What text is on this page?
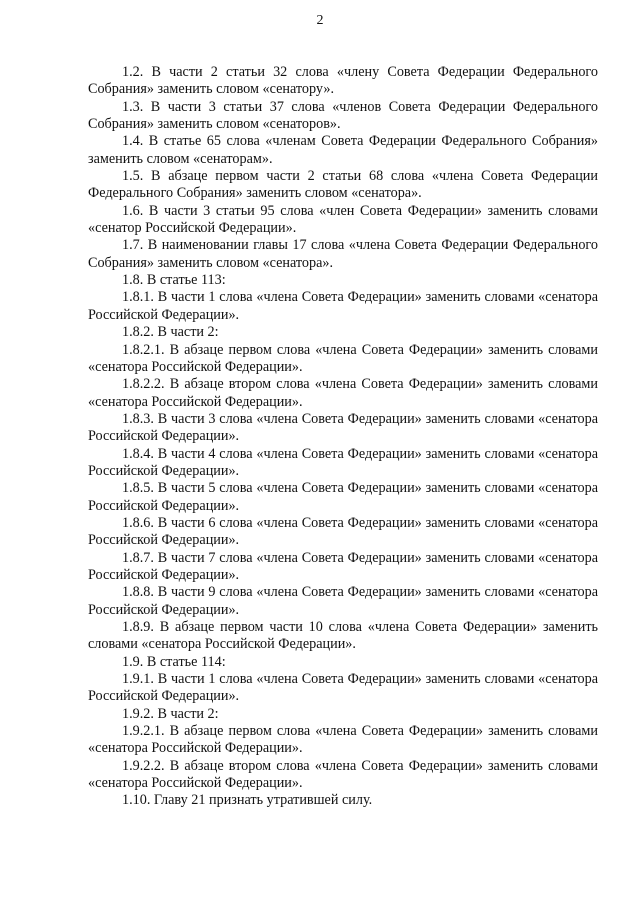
2

1.2. В части 2 статьи 32 слова «члену Совета Федерации Федерального Собрания» заменить словом «сенатору».

1.3. В части 3 статьи 37 слова «членов Совета Федерации Федерального Собрания» заменить словом «сенаторов».

1.4. В статье 65 слова «членам Совета Федерации Федерального Собрания» заменить словом «сенаторам».

1.5. В абзаце первом части 2 статьи 68 слова «члена Совета Федерации Федерального Собрания» заменить словом «сенатора».

1.6. В части 3 статьи 95 слова «член Совета Федерации» заменить словами «сенатор Российской Федерации».

1.7. В наименовании главы 17 слова «члена Совета Федерации Федерального Собрания» заменить словом «сенатора».

1.8. В статье 113:

1.8.1. В части 1 слова «члена Совета Федерации» заменить словами «сенатора Российской Федерации».

1.8.2. В части 2:

1.8.2.1. В абзаце первом слова «члена Совета Федерации» заменить словами «сенатора Российской Федерации».

1.8.2.2. В абзаце втором слова «члена Совета Федерации» заменить словами «сенатора Российской Федерации».

1.8.3. В части 3 слова «члена Совета Федерации» заменить словами «сенатора Российской Федерации».

1.8.4. В части 4 слова «члена Совета Федерации» заменить словами «сенатора Российской Федерации».

1.8.5. В части 5 слова «члена Совета Федерации» заменить словами «сенатора Российской Федерации».

1.8.6. В части 6 слова «члена Совета Федерации» заменить словами «сенатора Российской Федерации».

1.8.7. В части 7 слова «члена Совета Федерации» заменить словами «сенатора Российской Федерации».

1.8.8. В части 9 слова «члена Совета Федерации» заменить словами «сенатора Российской Федерации».

1.8.9. В абзаце первом части 10 слова «члена Совета Федерации» заменить словами «сенатора Российской Федерации».

1.9. В статье 114:

1.9.1. В части 1 слова «члена Совета Федерации» заменить словами «сенатора Российской Федерации».

1.9.2. В части 2:

1.9.2.1. В абзаце первом слова «члена Совета Федерации» заменить словами «сенатора Российской Федерации».

1.9.2.2. В абзаце втором слова «члена Совета Федерации» заменить словами «сенатора Российской Федерации».

1.10. Главу 21 признать утратившей силу.
